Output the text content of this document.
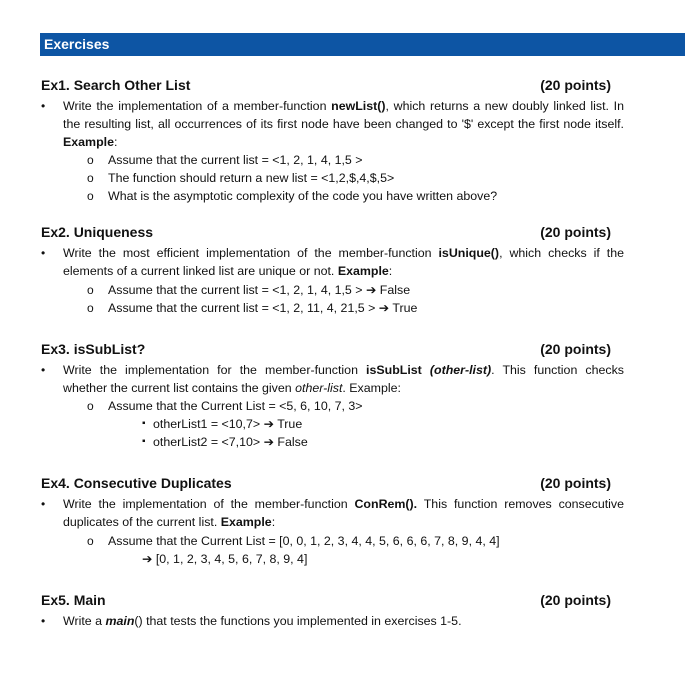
Exercises
Ex1. Search Other List	(20 points)
• Write the implementation of a member-function newList(), which returns a new doubly linked list. In the resulting list, all occurrences of its first node have been changed to '$' except the first node itself. Example:
o Assume that the current list = <1, 2, 1, 4, 1,5 >
o The function should return a new list = <1,2,$,4,$,5>
o What is the asymptotic complexity of the code you have written above?
Ex2. Uniqueness	(20 points)
• Write the most efficient implementation of the member-function isUnique(), which checks if the elements of a current linked list are unique or not. Example:
o Assume that the current list = <1, 2, 1, 4, 1,5 > ➔ False
o Assume that the current list = <1, 2, 11, 4, 21,5 > ➔ True
Ex3. isSubList?	(20 points)
• Write the implementation for the member-function isSubList (other-list). This function checks whether the current list contains the given other-list. Example:
o Assume that the Current List = <5, 6, 10, 7, 3>
▪ otherList1 = <10,7> ➔ True
▪ otherList2 = <7,10> ➔ False
Ex4. Consecutive Duplicates	(20 points)
• Write the implementation of the member-function ConRem(). This function removes consecutive duplicates of the current list. Example:
o Assume that the Current List = [0, 0, 1, 2, 3, 4, 4, 5, 6, 6, 6, 7, 8, 9, 4, 4]
➔ [0, 1, 2, 3, 4, 5, 6, 7, 8, 9, 4]
Ex5. Main	(20 points)
• Write a main() that tests the functions you implemented in exercises 1-5.
